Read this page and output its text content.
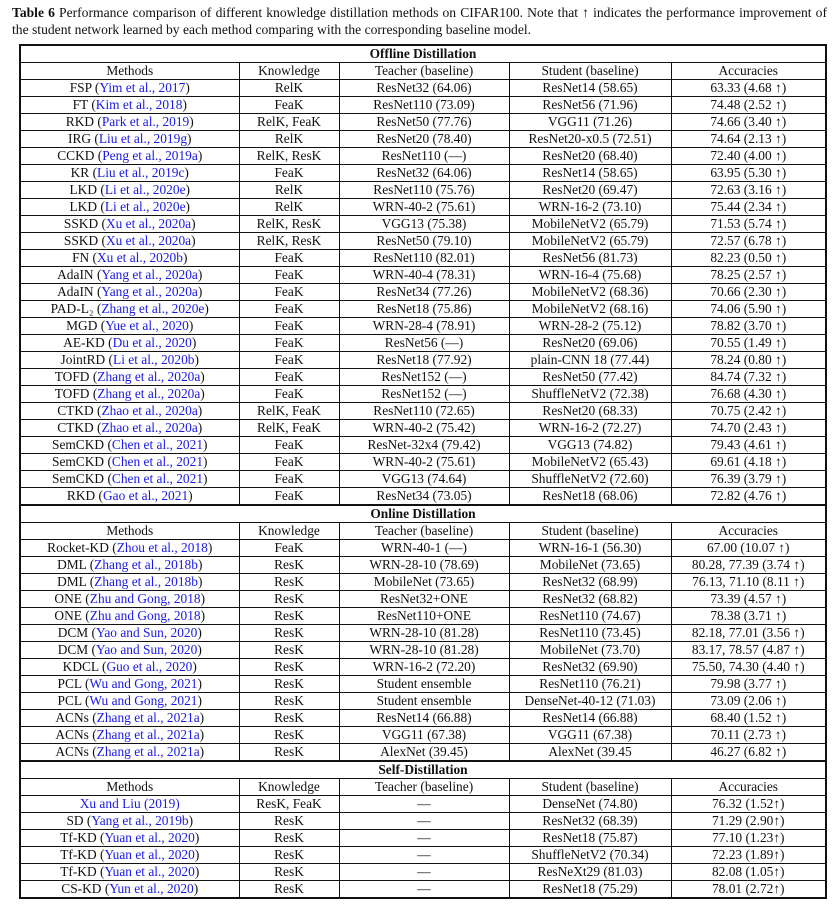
Table 6 Performance comparison of different knowledge distillation methods on CIFAR100. Note that ↑ indicates the performance improvement of the student network learned by each method comparing with the corresponding baseline model.
Offline Distillation				
Methods	Knowledge	Teacher (baseline)	Student (baseline)	Accuracies
FSP (Yim et al., 2017)	RelK	ResNet32 (64.06)	ResNet14 (58.65)	63.33 (4.68 ↑)
FT (Kim et al., 2018)	FeaK	ResNet110 (73.09)	ResNet56 (71.96)	74.48 (2.52 ↑)
RKD (Park et al., 2019)	RelK, FeaK	ResNet50 (77.76)	VGG11 (71.26)	74.66 (3.40 ↑)
IRG (Liu et al., 2019g)	RelK	ResNet20 (78.40)	ResNet20-x0.5 (72.51)	74.64 (2.13 ↑)
CCKD (Peng et al., 2019a)	RelK, ResK	ResNet110 (—)	ResNet20 (68.40)	72.40 (4.00 ↑)
KR (Liu et al., 2019c)	FeaK	ResNet32 (64.06)	ResNet14 (58.65)	63.95 (5.30 ↑)
LKD (Li et al., 2020e)	RelK	ResNet110 (75.76)	ResNet20 (69.47)	72.63 (3.16 ↑)
LKD (Li et al., 2020e)	RelK	WRN-40-2 (75.61)	WRN-16-2 (73.10)	75.44 (2.34 ↑)
SSKD (Xu et al., 2020a)	RelK, ResK	VGG13 (75.38)	MobileNetV2 (65.79)	71.53 (5.74 ↑)
SSKD (Xu et al., 2020a)	RelK, ResK	ResNet50 (79.10)	MobileNetV2 (65.79)	72.57 (6.78 ↑)
FN (Xu et al., 2020b)	FeaK	ResNet110 (82.01)	ResNet56 (81.73)	82.23 (0.50 ↑)
AdaIN (Yang et al., 2020a)	FeaK	WRN-40-4 (78.31)	WRN-16-4 (75.68)	78.25 (2.57 ↑)
AdaIN (Yang et al., 2020a)	FeaK	ResNet34 (77.26)	MobileNetV2 (68.36)	70.66 (2.30 ↑)
PAD-L₂ (Zhang et al., 2020e)	FeaK	ResNet18 (75.86)	MobileNetV2 (68.16)	74.06 (5.90 ↑)
MGD (Yue et al., 2020)	FeaK	WRN-28-4 (78.91)	WRN-28-2 (75.12)	78.82 (3.70 ↑)
AE-KD (Du et al., 2020)	FeaK	ResNet56 (—)	ResNet20 (69.06)	70.55 (1.49 ↑)
JointRD (Li et al., 2020b)	FeaK	ResNet18 (77.92)	plain-CNN 18 (77.44)	78.24 (0.80 ↑)
TOFD (Zhang et al., 2020a)	FeaK	ResNet152 (—)	ResNet50 (77.42)	84.74 (7.32 ↑)
TOFD (Zhang et al., 2020a)	FeaK	ResNet152 (—)	ShuffleNetV2 (72.38)	76.68 (4.30 ↑)
CTKD (Zhao et al., 2020a)	RelK, FeaK	ResNet110 (72.65)	ResNet20 (68.33)	70.75 (2.42 ↑)
CTKD (Zhao et al., 2020a)	RelK, FeaK	WRN-40-2 (75.42)	WRN-16-2 (72.27)	74.70 (2.43 ↑)
SemCKD (Chen et al., 2021)	FeaK	ResNet-32x4 (79.42)	VGG13 (74.82)	79.43 (4.61 ↑)
SemCKD (Chen et al., 2021)	FeaK	WRN-40-2 (75.61)	MobileNetV2 (65.43)	69.61 (4.18 ↑)
SemCKD (Chen et al., 2021)	FeaK	VGG13 (74.64)	ShuffleNetV2 (72.60)	76.39 (3.79 ↑)
RKD (Gao et al., 2021)	FeaK	ResNet34 (73.05)	ResNet18 (68.06)	72.82 (4.76 ↑)
Online Distillation				
Methods	Knowledge	Teacher (baseline)	Student (baseline)	Accuracies
Rocket-KD (Zhou et al., 2018)	FeaK	WRN-40-1 (—)	WRN-16-1 (56.30)	67.00 (10.07 ↑)
DML (Zhang et al., 2018b)	ResK	WRN-28-10 (78.69)	MobileNet (73.65)	80.28, 77.39 (3.74 ↑)
DML (Zhang et al., 2018b)	ResK	MobileNet (73.65)	ResNet32 (68.99)	76.13, 71.10 (8.11 ↑)
ONE (Zhu and Gong, 2018)	ResK	ResNet32+ONE	ResNet32 (68.82)	73.39 (4.57 ↑)
ONE (Zhu and Gong, 2018)	ResK	ResNet110+ONE	ResNet110 (74.67)	78.38 (3.71 ↑)
DCM (Yao and Sun, 2020)	ResK	WRN-28-10 (81.28)	ResNet110 (73.45)	82.18, 77.01 (3.56 ↑)
DCM (Yao and Sun, 2020)	ResK	WRN-28-10 (81.28)	MobileNet (73.70)	83.17, 78.57 (4.87 ↑)
KDCL (Guo et al., 2020)	ResK	WRN-16-2 (72.20)	ResNet32 (69.90)	75.50, 74.30 (4.40 ↑)
PCL (Wu and Gong, 2021)	ResK	Student ensemble	ResNet110 (76.21)	79.98 (3.77 ↑)
PCL (Wu and Gong, 2021)	ResK	Student ensemble	DenseNet-40-12 (71.03)	73.09 (2.06 ↑)
ACNs (Zhang et al., 2021a)	ResK	ResNet14 (66.88)	ResNet14 (66.88)	68.40 (1.52 ↑)
ACNs (Zhang et al., 2021a)	ResK	VGG11 (67.38)	VGG11 (67.38)	70.11 (2.73 ↑)
ACNs (Zhang et al., 2021a)	ResK	AlexNet (39.45)	AlexNet (39.45	46.27 (6.82 ↑)
Self-Distillation				
Methods	Knowledge	Teacher (baseline)	Student (baseline)	Accuracies
Xu and Liu (2019)	ResK, FeaK	—	DenseNet (74.80)	76.32 (1.52↑)
SD (Yang et al., 2019b)	ResK	—	ResNet32 (68.39)	71.29 (2.90↑)
Tf-KD (Yuan et al., 2020)	ResK	—	ResNet18 (75.87)	77.10 (1.23↑)
Tf-KD (Yuan et al., 2020)	ResK	—	ShuffleNetV2 (70.34)	72.23 (1.89↑)
Tf-KD (Yuan et al., 2020)	ResK	—	ResNeXt29 (81.03)	82.08 (1.05↑)
CS-KD (Yun et al., 2020)	ResK	—	ResNet18 (75.29)	78.01 (2.72↑)
